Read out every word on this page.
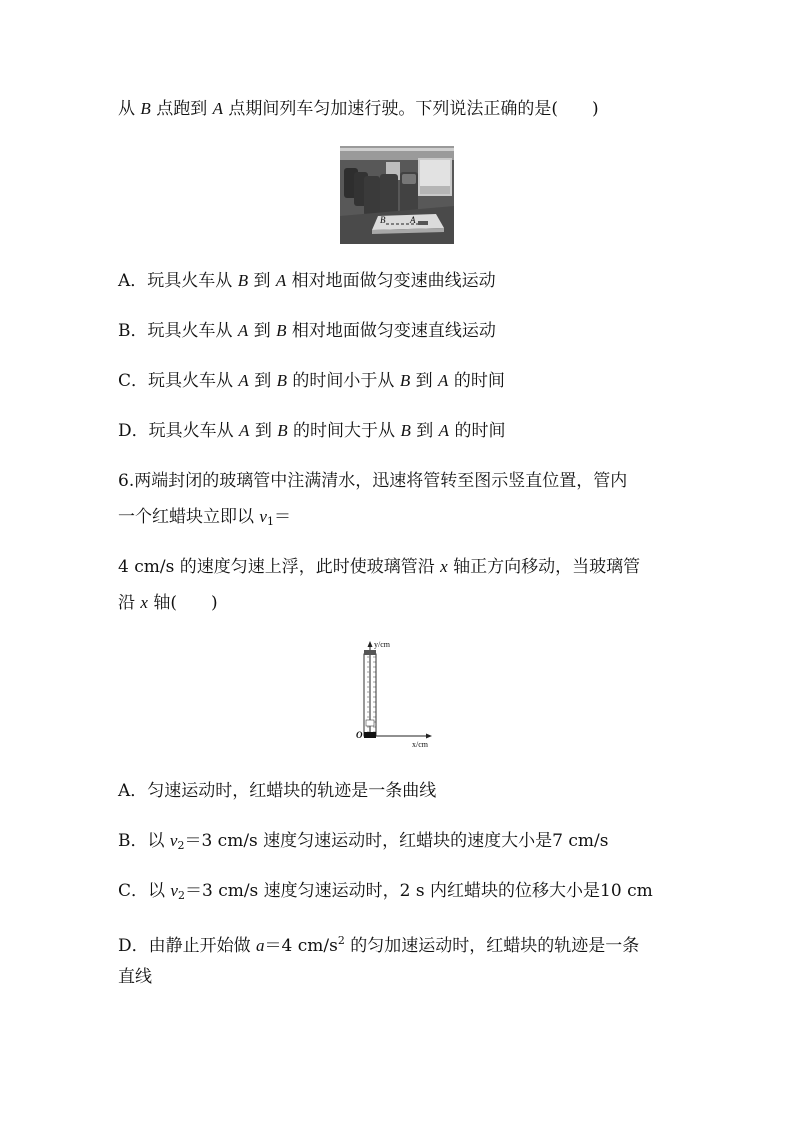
从 B 点跑到 A 点期间列车匀加速行驶。下列说法正确的是(　　)
B	A
A．玩具火车从 B 到 A 相对地面做匀变速曲线运动
B．玩具火车从 A 到 B 相对地面做匀变速直线运动
C．玩具火车从 A 到 B 的时间小于从 B 到 A 的时间
D．玩具火车从 A 到 B 的时间大于从 B 到 A 的时间
6.两端封闭的玻璃管中注满清水，迅速将管转至图示竖直位置，管内
一个红蜡块立即以 $v_1=$
4 cm/s 的速度匀速上浮，此时使玻璃管沿 x 轴正方向移动，当玻璃管
沿 x 轴(　　)
y/cm
x/cm
O
A．匀速运动时，红蜡块的轨迹是一条曲线
B．以 $v_2=3$ cm/s 速度匀速运动时，红蜡块的速度大小是7 cm/s
C．以 $v_2=3$ cm/s 速度匀速运动时，2 s 内红蜡块的位移大小是10 cm
D．由静止开始做 a＝4 $cm/s^2$ 的匀加速运动时，红蜡块的轨迹是一条
直线
